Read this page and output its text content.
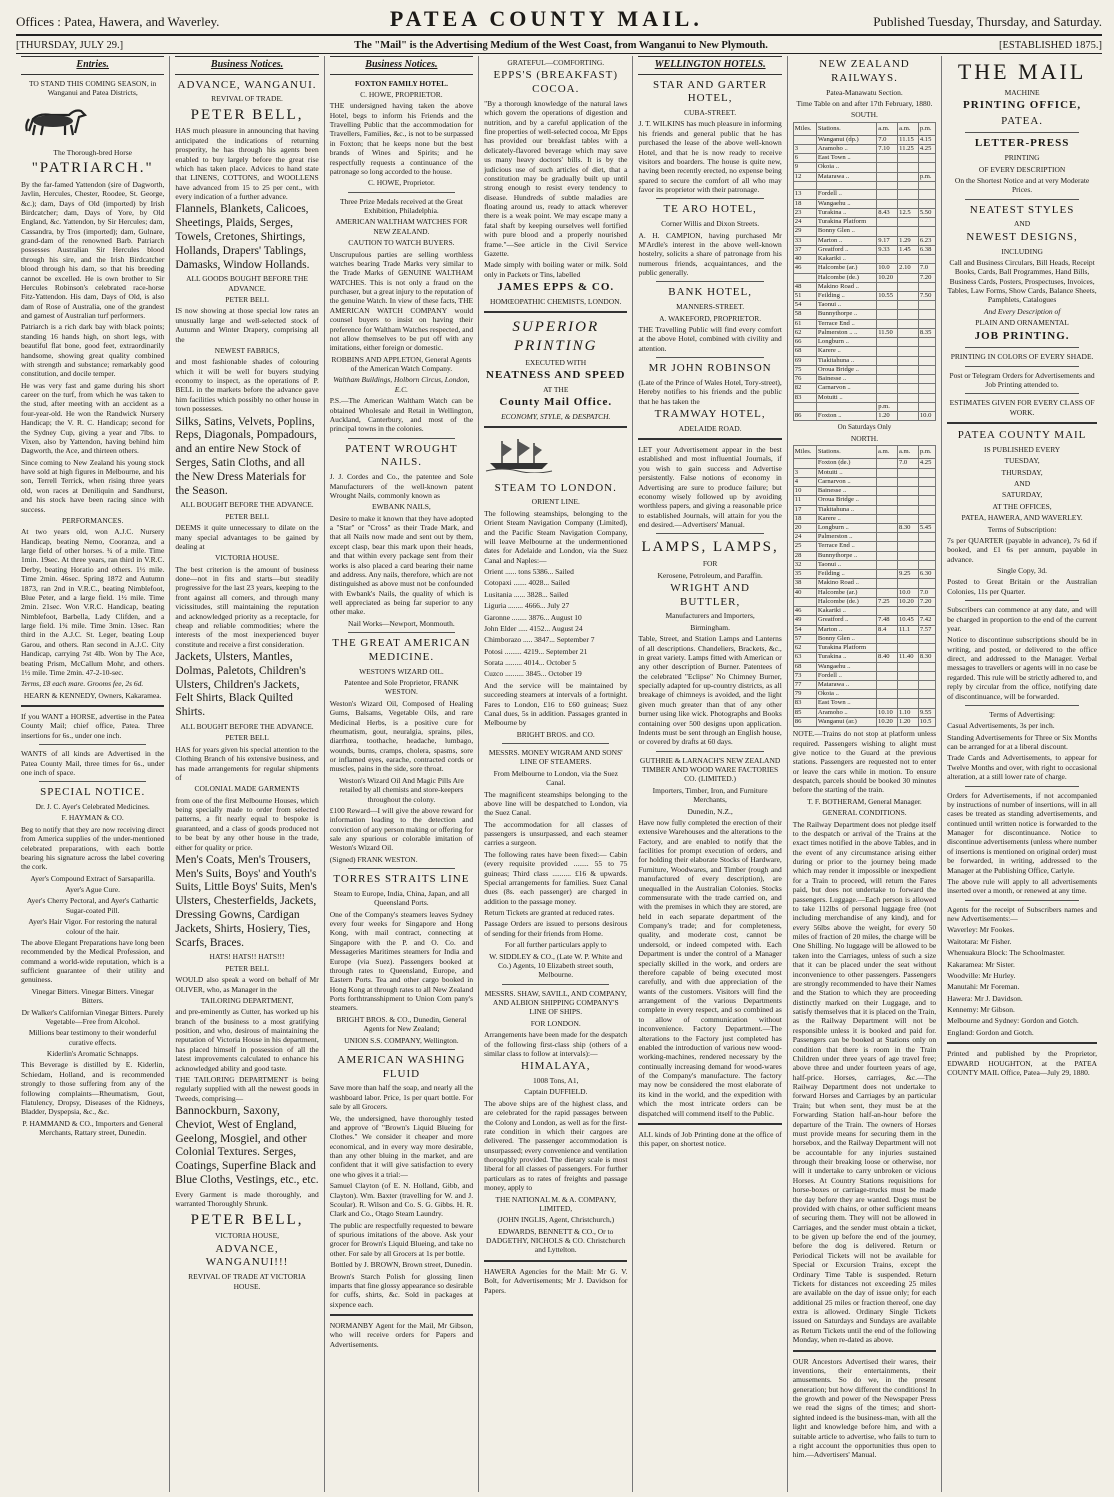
Offices : Patea, Hawera, and Waverley.	PATEA COUNTY MAIL.	Published Tuesday, Thursday, and Saturday.
[THURSDAY, JULY 29.]	The "Mail" is the Advertising Medium of the West Coast, from Wanganui to New Plymouth.	[ESTABLISHED 1875.]
Entries.

TO STAND THIS COMING SEASON, in Wanganui and Patea Districts,

The Thorough-bred Horse

"PATRIARCH."

By the far-famed Yattendon (sire of Dagworth, Javlin, Hercules, Chester, Roodee, St. George, &c.); dam, Days of Old (imported) by Irish Birdcatcher; dam, Days of Yore, by Old England, &c. Yattendon, by Sir Hercules; dam, Cassandra, by Tros (imported); dam, Gulnare, grand-dam of the renowned Barb. Patriarch possesses Australian Sir Hercules blood through his sire, and the Irish Birdcatcher blood through his dam, so that his breeding cannot be excelled. He is own brother to Sir Hercules Robinson's celebrated race-horse Fitz-Yattendon. His dam, Days of Old, is also dam of Rose of Australia, one of the grandest and gamest of Australian turf performers.

Patriarch is a rich dark bay with black points; standing 16 hands high, on short legs, with beautiful flat bone, good feet, extraordinarily handsome, showing great quality combined with strength and substance; remarkably good constitution, and docile temper.

He was very fast and game during his short career on the turf, from which he was taken to the stud, after meeting with an accident as a four-year-old. He won the Randwick Nursery Handicap; the V. R. C. Handicap; second for the Sydney Cup, giving a year and 7lbs. to Vixen, also by Yattendon, having behind him Dagworth, the Ace, and thirteen others.

Since coming to New Zealand his young stock have sold at high figures in Melbourne, and his son, Terrell Terrick, when rising three years old, won races at Deniliquin and Sandhurst, and his stock have been racing since with success.

PERFORMANCES.

At two years old, won A.J.C. Nursery Handicap, beating Nemo, Cooranza, and a large field of other horses. ¾ of a mile. Time 1min. 19sec. At three years, ran third in V.R.C. Derby, beating Horatio and others. 1½ mile. Time 2min. 46sec. Spring 1872 and Autumn 1873, ran 2nd in V.R.C., beating Nimblefoot, Blue Peter, and a large field. 1½ mile. Time 2min. 21sec. Won V.R.C. Handicap, beating Nimblefoot, Barbella, Lady Clifden, and a large field. 1¾ mile. Time 3min. 13sec. Ran third in the A.J.C. St. Leger, beating Loup Garou, and others. Ran second in A.J.C. City Handicap, carrying 7st 4lb. Won by The Ace, beating Prism, McCallum Mohr, and others. 1½ mile. Time 2min. 47-2-10-sec.

Terms, £8 each mare. Grooms fee, 2s 6d.

HEARN & KENNEDY, Owners, Kakaramea.

If you WANT a HORSE, advertise in the Patea County Mail; chief office, Patea. Three insertions for 6s., under one inch.

WANTS of all kinds are Advertised in the Patea County Mail, three times for 6s., under one inch of space.

SPECIAL NOTICE.

Dr. J. C. Ayer's Celebrated Medicines.

F. HAYMAN & CO.

Beg to notify that they are now receiving direct from America supplies of the under-mentioned celebrated preparations, with each bottle bearing his signature across the label covering the cork.

Ayer's Compound Extract of Sarsaparilla.

Ayer's Ague Cure.

Ayer's Cherry Pectoral, and Ayer's Cathartic Sugar-coated Pill.

Ayer's Hair Vigor. For restoring the natural colour of the hair.

The above Elegant Preparations have long been recommended by the Medical Profession, and command a world-wide reputation, which is a sufficient guarantee of their utility and genuiness.

Vinegar Bitters. Vinegar Bitters. Vinegar Bitters.

Dr Walker's Californian Vinegar Bitters. Purely Vegetable—Free from Alcohol.

Millions bear testimony to their wonderful curative effects.

Kiderlin's Aromatic Schnapps.

This Beverage is distilled by E. Kiderlin, Schiedam, Holland, and is recommended strongly to those suffering from any of the following complaints—Rheumatism, Gout, Flatulency, Dropsy, Diseases of the Kidneys, Bladder, Dyspepsia, &c., &c.

P. HAMMAND & CO., Importers and General Merchants, Rattary street, Dunedin.

Business Notices.

ADVANCE, WANGANUI.

REVIVAL OF TRADE.

PETER BELL,

HAS much pleasure in announcing that having anticipated the indications of returning prosperity, he has through his agents been enabled to buy largely before the great rise which has taken place. Advices to hand state that LINENS, COTTONS, and WOOLLENS have advanced from 15 to 25 per cent., with every indication of a further advance.

Flannels, Blankets, Calicoes, Sheetings, Plaids, Serges, Towels, Cretones, Shirtings, Hollands, Drapers' Tablings, Damasks, Window Hollands.

ALL GOODS BOUGHT BEFORE THE ADVANCE.

PETER BELL

IS now showing at those special low rates an unusually large and well-selected stock of Autumn and Winter Drapery, comprising all the

NEWEST FABRICS,

and most fashionable shades of colouring which it will be well for buyers studying economy to inspect, as the operations of P. BELL in the markets before the advance gave him facilities which possibly no other house in town possesses.

Silks, Satins, Velvets, Poplins, Reps, Diagonals, Pompadours, and an entire New Stock of Serges, Satin Cloths, and all the New Dress Materials for the Season.

ALL BOUGHT BEFORE THE ADVANCE.

PETER BELL

DEEMS it quite unnecessary to dilate on the many special advantages to be gained by dealing at

VICTORIA HOUSE.

The best criterion is the amount of business done—not in fits and starts—but steadily progressive for the last 23 years, keeping to the front against all comers, and through many vicissitudes, still maintaining the reputation and acknowledged priority as a receptacle, for cheap and reliable commodities; where the interests of the most inexperienced buyer constitute and receive a first consideration.

Jackets, Ulsters, Mantles, Dolmas, Paletots, Children's Ulsters, Children's Jackets, Felt Shirts, Black Quilted Shirts.

ALL BOUGHT BEFORE THE ADVANCE.

PETER BELL

HAS for years given his special attention to the Clothing Branch of his extensive business, and has made arrangements for regular shipments of

COLONIAL MADE GARMENTS

from one of the first Melbourne Houses, which being specially made to order from selected patterns, a fit nearly equal to bespoke is guaranteed, and a class of goods produced not to be beat by any other house in the trade, either for quality or price.

Men's Coats, Men's Trousers, Men's Suits, Boys' and Youth's Suits, Little Boys' Suits, Men's Ulsters, Chesterfields, Jackets, Dressing Gowns, Cardigan Jackets, Shirts, Hosiery, Ties, Scarfs, Braces.

HATS! HATS!! HATS!!!

PETER BELL

WOULD also speak a word on behalf of Mr OLIVER, who, as Manager in the

TAILORING DEPARTMENT,

and pre-eminently as Cutter, has worked up his branch of the business to a most gratifying position, and who, desirous of maintaining the reputation of Victoria House in his department, has placed himself in possession of all the latest improvements calculated to enhance his acknowledged ability and good taste.

THE TAILORING DEPARTMENT is being regularly supplied with all the newest goods in Tweeds, comprising—

Bannockburn, Saxony, Cheviot, West of England, Geelong, Mosgiel, and other Colonial Textures. Serges, Coatings, Superfine Black and Blue Cloths, Vestings, etc., etc.

Every Garment is made thoroughly, and warranted Thoroughly Shrunk.

PETER BELL,

VICTORIA HOUSE,

ADVANCE, WANGANUI!!!

REVIVAL OF TRADE AT VICTORIA HOUSE.

Business Notices.

FOXTON FAMILY HOTEL.

C. HOWE, PROPRIETOR.

THE undersigned having taken the above Hotel, begs to inform his Friends and the Travelling Public that the accommodation for Travellers, Families, &c., is not to be surpassed in Foxton; that he keeps none but the best brands of Wines and Spirits; and he respectfully requests a continuance of the patronage so long accorded to the house.

C. HOWE, Proprietor.

Three Prize Medals received at the Great Exhibition, Philadelphia.

AMERICAN WALTHAM WATCHES FOR NEW ZEALAND.

CAUTION TO WATCH BUYERS.

Unscrupulous parties are selling worthless watches bearing Trade Marks very similar to the Trade Marks of GENUINE WALTHAM WATCHES. This is not only a fraud on the purchaser, but a great injury to the reputation of the genuine Watch. In view of these facts, THE AMERICAN WATCH COMPANY would counsel buyers to insist on having their preference for Waltham Watches respected, and not allow themselves to be put off with any imitations, either foreign or domestic.

ROBBINS AND APPLETON, General Agents of the American Watch Company.

Waltham Buildings, Holborn Circus, London, E.C.

P.S.—The American Waltham Watch can be obtained Wholesale and Retail in Wellington, Auckland, Canterbury, and most of the principal towns in the colonies.

PATENT WROUGHT NAILS.

J. J. Cordes and Co., the patentee and Sole Manufacturers of the well-known patent Wrought Nails, commonly known as

EWBANK NAILS,

Desire to make it known that they have adopted a "Star" or "Cross" as their Trade Mark, and that all Nails now made and sent out by them, except clasp, bear this mark upon their heads, and that within every package sent from their works is also placed a card bearing their name and address. Any nails, therefore, which are not distinguished as above must not be confounded with Ewbank's Nails, the quality of which is well appreciated as being far superior to any other make.

Nail Works—Newport, Monmouth.

THE GREAT AMERICAN MEDICINE.

WESTON'S WIZARD OIL.

Patentee and Sole Proprietor, FRANK WESTON.

Weston's Wizard Oil, Composed of Healing Gums, Balsams, Vegetable Oils, and rare Medicinal Herbs, is a positive cure for rheumatism, gout, neuralgia, sprains, piles, diarrhœa, toothache, headache, lumbago, wounds, burns, cramps, cholera, spasms, sore or inflamed eyes, earache, contracted cords or muscles, pains in the side, sore throat.

Weston's Wizard Oil And Magic Pills Are retailed by all chemists and store-keepers throughout the colony.

£100 Reward—I will give the above reward for information leading to the detection and conviction of any person making or offering for sale any spurious or colorable imitation of Weston's Wizard Oil.

(Signed) FRANK WESTON.

TORRES STRAITS LINE

Steam to Europe, India, China, Japan, and all Queensland Ports.

One of the Company's steamers leaves Sydney every four weeks for Singapore and Hong Kong, with mail contract, connecting at Singapore with the P. and O. Co. and Messageries Maritimes steamers for India and Europe (via Suez). Passengers booked at through rates to Queensland, Europe, and Eastern Ports. Tea and other cargo booked in Hong Kong at through rates to all New Zealand Ports forthtransshipment to Union Com pany's steamers.

BRIGHT BROS. & CO., Dunedin, General Agents for New Zealand;

UNION S.S. COMPANY, Wellington.

AMERICAN WASHING FLUID

Save more than half the soap, and nearly all the washboard labor. Price, 1s per quart bottle. For sale by all Grocers.

We, the undersigned, have thoroughly tested and approve of "Brown's Liquid Blueing for Clothes." We consider it cheaper and more economical, and in every way more desirable, than any other bluing in the market, and are confident that it will give satisfaction to every one who gives it a trial:—

Samuel Clayton (of E. N. Holland, Gibb, and Clayton). Wm. Baxter (travelling for W. and J. Scoular). R. Wilson and Co. S. G. Gibbs. H. R. Clark and Co., Otago Steam Laundry.

The public are respectfully requested to beware of spurious imitations of the above. Ask your grocer for Brown's Liquid Blueing, and take no other. For sale by all Grocers at 1s per bottle.

Bottled by J. BROWN, Brown street, Dunedin.

Brown's Starch Polish for glossing linen imparts that fine glossy appearance so desirable for cuffs, shirts, &c. Sold in packages at sixpence each.

NORMANBY Agent for the Mail, Mr Gibson, who will receive orders for Papers and Advertisements.

GRATEFUL—COMFORTING.

EPPS'S (BREAKFAST) COCOA.

"By a thorough knowledge of the natural laws which govern the operations of digestion and nutrition, and by a careful application of the fine properties of well-selected cocoa, Mr Epps has provided our breakfast tables with a delicately-flavored beverage which may save us many heavy doctors' bills. It is by the judicious use of such articles of diet, that a constitution may be gradually built up until strong enough to resist every tendency to disease. Hundreds of subtle maladies are floating around us, ready to attack wherever there is a weak point. We may escape many a fatal shaft by keeping ourselves well fortified with pure blood and a properly nourished frame."—See article in the Civil Service Gazette.

Made simply with boiling water or milk. Sold only in Packets or Tins, labelled

JAMES EPPS & CO.

HOMŒOPATHIC CHEMISTS, LONDON.

SUPERIOR PRINTING

EXECUTED WITH

NEATNESS AND SPEED

AT THE

County Mail Office.

ECONOMY, STYLE, & DESPATCH.

STEAM TO LONDON.

ORIENT LINE.

The following steamships, belonging to the Orient Steam Navigation Company (Limited), and the Pacific Steam Navigation Company, will leave Melbourne at the undermentioned dates for Adelaide and London, via the Suez Canal and Naples:—

Orient ...... tons 5386... Sailed

Cotopaxi ....... 4028... Sailed

Lusitania ...... 3828... Sailed

Liguria ........ 4666... July 27

Garonne ........ 3876... August 10

John Elder ..... 4152... August 24

Chimborazo ..... 3847... September 7

Potosi ......... 4219... September 21

Sorata ......... 4014... October 5

Cuzco .......... 3845... October 19

And the service will be maintained by succeeding steamers at intervals of a fortnight. Fares to London, £16 to £60 guineas; Suez Canal dues, 5s in addition. Passages granted in Melbourne by

BRIGHT BROS. and CO.

MESSRS. MONEY WIGRAM AND SONS' LINE OF STEAMERS.

From Melbourne to London, via the Suez Canal.

The magnificent steamships belonging to the above line will be despatched to London, via the Suez Canal.

The accommodation for all classes of passengers is unsurpassed, and each steamer carries a surgeon.

The following rates have been fixed:— Cabin (every requisite provided ........ 55 to 75 guineas; Third class .......... £16 & upwards. Special arrangements for families. Suez Canal dues (8s. each passenger) are charged in addition to the passage money.

Return Tickets are granted at reduced rates.

Passage Orders are issued to persons desirous of sending for their friends from Home.

For all further particulars apply to

W. SIDDLEY & CO., (Late W. P. White and Co.) Agents, 10 Elizabeth street south, Melbourne.

MESSRS. SHAW, SAVILL, AND COMPANY, AND ALBION SHIPPING COMPANY'S LINE OF SHIPS.

FOR LONDON.

Arrangements have been made for the despatch of the following first-class ship (others of a similar class to follow at intervals):—

HIMALAYA,

1008 Tons, A1,

Captain DUFFIELD.

The above ships are of the highest class, and are celebrated for the rapid passages between the Colony and London, as well as for the first-rate condition in which their cargoes are delivered. The passenger accommodation is unsurpassed; every convenience and ventilation thoroughly provided. The dietary scale is most liberal for all classes of passengers. For further particulars as to rates of freights and passage money, apply to

THE NATIONAL M. & A. COMPANY, LIMITED,

(JOHN INGLIS, Agent, Christchurch,)

EDWARDS, BENNETT & CO., Or to DADGETHY, NICHOLS & CO. Christchurch and Lyttelton.

HAWERA Agencies for the Mail: Mr G. V. Bolt, for Advertisements; Mr J. Davidson for Papers.

WELLINGTON HOTELS.

STAR AND GARTER HOTEL,

CUBA-STREET.

J. T. WILKINS has much pleasure in informing his friends and general public that he has purchased the lease of the above well-known Hotel, and that he is now ready to receive visitors and boarders. The house is quite new, having been recently erected, no expense being spared to secure the comfort of all who may favor its proprietor with their patronage.

TE ARO HOTEL,

Corner Willis and Dixon Streets.

A. H. CAMPION, having purchased Mr M'Ardle's interest in the above well-known hostelry, solicits a share of patronage from his numerous friends, acquaintances, and the public generally.

BANK HOTEL,

MANNERS-STREET.

A. WAKEFORD, PROPRIETOR.

THE Travelling Public will find every comfort at the above Hotel, combined with civility and attention.

MR JOHN ROBINSON

(Late of the Prince of Wales Hotel, Tory-street), Hereby notifies to his friends and the public that he has taken the

TRAMWAY HOTEL,

ADELAIDE ROAD.

LET your Advertisement appear in the best established and most influential Journals, if you wish to gain success and Advertise persistently. False notions of economy in Advertising are sure to produce failure; but economy wisely followed up by avoiding worthless papers, and giving a reasonable price to established Journals, will attain for you the end desired.—Advertisers' Manual.

LAMPS, LAMPS,

FOR

Kerosene, Petroleum, and Paraffin.

WRIGHT AND BUTTLER,

Manufacturers and Importers,

Birmingham.

Table, Street, and Station Lamps and Lanterns of all descriptions. Chandeliers, Brackets, &c., in great variety. Lamps fitted with American or any other description of Burner. Patentees of the celebrated "Eclipse" No Chimney Burner, specially adapted for up-country districts, as all breakage of chimneys is avoided, and the light given much greater than that of any other burner using like wick. Photographs and Books containing over 500 designs upon application. Indents must be sent through an English house, or covered by drafts at 60 days.

GUTHRIE & LARNACH'S NEW ZEALAND TIMBER AND WOOD WARE FACTORIES CO. (LIMITED.)

Importers, Timber, Iron, and Furniture Merchants,

Dunedin, N.Z.,

Have now fully completed the erection of their extensive Warehouses and the alterations to the Factory, and are enabled to notify that the facilities for prompt execution of orders, and for holding their elaborate Stocks of Hardware, Furniture, Woodwares, and Timber (rough and manufactured of every description), are unequalled in the Australian Colonies. Stocks commensurate with the trade carried on, and with the premises in which they are stored, are held in each separate department of the Company's trade; and for completeness, quality, and moderate cost, cannot be undersold, or indeed competed with. Each Department is under the control of a Manager specially skilled in the work, and orders are therefore capable of being executed most carefully, and with due appreciation of the wants of the customers. Visitors will find the arrangement of the various Departments complete in every respect, and so combined as to allow of communication without inconvenience. Factory Department.—The alterations to the Factory just completed has enabled the introduction of various new wood-working-machines, rendered necessary by the continually increasing demand for wood-wares of the Company's manufacture. The factory may now be considered the most elaborate of its kind in the world, and the expedition with which the most intricate orders can be dispatched will commend itself to the Public.

ALL kinds of Job Printing done at the office of this paper, on shortest notice.

NEW ZEALAND RAILWAYS.

Patea-Manawatu Section.

Time Table on and after 17th February, 1880.

SOUTH.

Miles.	Stations.	a.m.	a.m.	p.m.
	Wanganui (dp.)	7.0	11.15	4.15
3	Aramoho ..	7.10	11.25	4.25
6	East Town ..			
9	Okoia ..			
12	Matarawa ..			p.m.

13	Fordell ..			
18	Wangaehu ..			
23	Turakina ..	8.43	12.5	5.50
24	Turakina Platform			
29	Bonny Glen ..			
33	Marton ..	9.17	1.29	6.23
37	Greatford ..	9.33	1.45	6.38
40	Kakariki ..			
46	Halcombe (ar.)	10.0	2.10	7.0
	Halcombe (de.)	10.20		7.20
48	Makino Road ..			
51	Feilding ..	10.55		7.50
54	Taonui ..			
58	Bunnythorpe ..			
61	Terrace End ..			
62	Palmerston .. ..	11.50		8.35
66	Longburn ..			
68	Karere ..			
69	Tiakitahuna ..			
75	Oroua Bridge ..			
76	Bainesse ..			
82	Carnarvon ..			
83	Motuiti ..			
		p.m.		
86	Foxton ..	1.20		10.0

On Saturdays Only

NORTH.

Miles.	Stations.	a.m.	a.m.	p.m.
	Foxton (de.)		7.0	4.25
3	Motuiti ..			
4	Carnarvon ..			
10	Bainesse ..			
11	Oroua Bridge ..			
17	Tiakitahuna ..			
18	Karere ..			
20	Longburn ..		8.30	5.45
24	Palmerston ..			
25	Terrace End ..			
28	Bunnythorpe ..			
32	Taonui ..			
35	Feilding ..		9.25	6.30
38	Makino Road ..			
40	Halcombe (ar.)		10.0	7.0
	Halcombe (de.)	7.25	10.20	7.20
46	Kakariki ..			
49	Greatford ..	7.48	10.45	7.42
54	Marton ..	8.4	11.1	7.57
57	Bonny Glen ..			
62	Turakina Platform			
63	Turakina ..	8.40	11.40	8.30
68	Wangaehu ..			
73	Fordell ..			
77	Matarawa ..			
79	Okoia ..			
83	East Town ..			
85	Aramoho ..	10.10	1.10	9.55
86	Wanganui (ar.)	10.20	1.20	10.5

NOTE.—Trains do not stop at platform unless required. Passengers wishing to alight must give notice to the Guard at the previous stations. Passengers are requested not to enter or leave the cars while in motion. To ensure despatch, parcels should be booked 30 minutes before the starting of the train.

T. F. BOTHERAM, General Manager.

GENERAL CONDITIONS.

The Railway Department does not pledge itself to the despatch or arrival of the Trains at the exact times notified in the above Tables, and in the event of any circumstance arising either during or prior to the journey being made which may render it impossible or inexpedient for a Train to proceed, will return the Fares paid, but does not undertake to forward the passengers. Luggage.—Each person is allowed to take 112lbs of personal luggage free (not including merchandise of any kind), and for every 56lbs above the weight, for every 50 miles of fraction of 20 miles, the charge will be One Shilling. No luggage will be allowed to be taken into the Carriages, unless of such a size that it can be placed under the seat without inconvenience to other passengers. Passengers are strongly recommended to have their Names and the Station to which they are proceeding distinctly marked on their Luggage, and to satisfy themselves that it is placed on the Train, as the Railway Department will not be responsible unless it is booked and paid for. Passengers can be booked at Stations only on condition that there is room in the Train Children under three years of age travel free; above three and under fourteen years of age, half-price. Horses, carriages, &c.—The Railway Department does not undertake to forward Horses and Carriages by an particular Train; but when sent, they must be at the Forwarding Station half-an-hour before the departure of the Train. The owners of Horses must provide means for securing them in the horsebox, and the Railway Department will not be accountable for any injuries sustained through their breaking loose or otherwise, nor will it undertake to carry unbroken or vicious Horses. At Country Stations requisitions for horse-boxes or carriage-trucks must be made the day before they are wanted. Dogs must be provided with chains, or other sufficient means of securing them. They will not be allowed in Carriages, and the sender must obtain a ticket, to be given up before the end of the journey, before the dog is delivered. Return or Periodical Tickets will not be available for Special or Excursion Trains, except the Ordinary Time Table is suspended. Return Tickets for distances not exceeding 25 miles are available on the day of issue only; for each additional 25 miles or fraction thereof, one day extra is allowed. Ordinary Single Tickets issued on Saturdays and Sundays are available as Return Tickets until the end of the following Monday, when re-dated as above.

OUR Ancestors Advertised their wares, their inventions, their entertainments, their amusements. So do we, in the present generation; but how different the conditions! In the growth and power of the Newspaper Press we read the signs of the times; and short-sighted indeed is the business-man, with all the light and knowledge before him, and with a suitable article to advertise, who fails to turn to a right account the opportunities thus open to him.—Advertisers' Manual.

THE MAIL

MACHINE

PRINTING OFFICE,

PATEA.

LETTER-PRESS

PRINTING

OF EVERY DESCRIPTION

On the Shortest Notice and at very Moderate Prices.

NEATEST STYLES

AND

NEWEST DESIGNS,

INCLUDING

Call and Business Circulars, Bill Heads, Receipt Books, Cards, Ball Programmes, Hand Bills, Business Cards, Posters, Prospectuses, Invoices, Tables, Law Forms, Show Cards, Balance Sheets, Pamphlets, Catalogues

And Every Description of

PLAIN AND ORNAMENTAL

JOB PRINTING.

PRINTING IN COLORS OF EVERY SHADE.

Post or Telegram Orders for Advertisements and Job Printing attended to.

ESTIMATES GIVEN FOR EVERY CLASS OF WORK.

PATEA COUNTY MAIL

IS PUBLISHED EVERY

TUESDAY,

THURSDAY,

AND

SATURDAY,

AT THE OFFICES,

PATEA, HAWERA, AND WAVERLEY.

Terms of Subscription:

7s per QUARTER (payable in advance), 7s 6d if booked, and £1 6s per annum, payable in advance.

Single Copy, 3d.

Posted to Great Britain or the Australian Colonies, 11s per Quarter.

Subscribers can commence at any date, and will be charged in proportion to the end of the current year.

Notice to discontinue subscriptions should be in writing, and posted, or delivered to the office direct, and addressed to the Manager. Verbal messages to travellers or agents will in no case be regarded. This rule will be strictly adhered to, and reply by circular from the office, notifying date of discontinuance, will be forwarded.

Terms of Advertising:

Casual Advertisements, 3s per inch.

Standing Advertisements for Three or Six Months can be arranged for at a liberal discount.

Trade Cards and Advertisements, to appear for Twelve Months and over, with right to occasional alteration, at a still lower rate of charge.

Orders for Advertisements, if not accompanied by instructions of number of insertions, will in all cases be treated as standing advertisements, and continued until written notice is forwarded to the Manager for discontinuance. Notice to discontinue advertisements (unless where number of insertions is mentioned on original order) must be forwarded, in writing, addressed to the Manager at the Publishing Office, Carlyle.

The above rule will apply to all advertisements inserted over a month, or renewed at any time.

Agents for the receipt of Subscribers names and new Advertisements:—

Waverley: Mr Fookes.

Waitotara: Mr Fisher.

Whenuakura Block: The Schoolmaster.

Kakaramea: Mr Sister.

Woodville: Mr Hurley.

Manutahi: Mr Foreman.

Hawera: Mr J. Davidson.

Kennemy: Mr Gibson.

Melbourne and Sydney: Gordon and Gotch.

England: Gordon and Gotch.

Printed and published by the Proprietor, EDWARD HOUGHTON, at the PATEA COUNTY MAIL Office, Patea—July 29, 1880.
